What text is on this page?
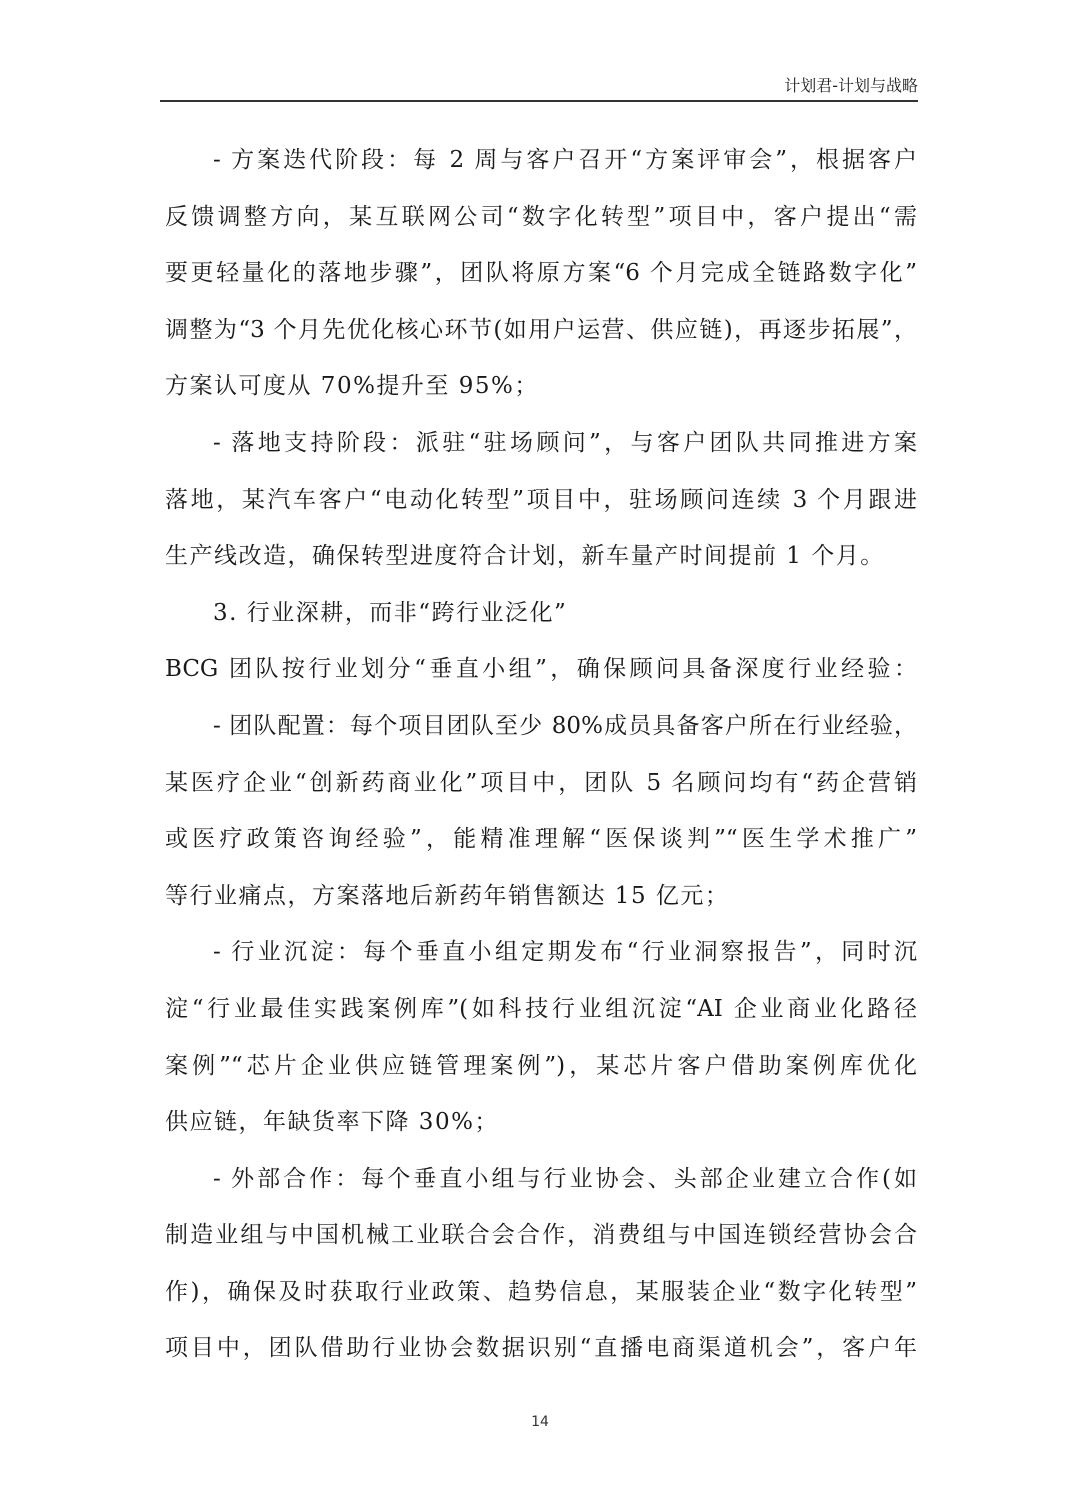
计划君-计划与战略
- 方案迭代阶段：每 2 周与客户召开“方案评审会”，根据客户
反馈调整方向，某互联网公司“数字化转型”项目中，客户提出“需
要更轻量化的落地步骤”，团队将原方案“6 个月完成全链路数字化”
调整为“3 个月先优化核心环节(如用户运营、供应链)，再逐步拓展”，
方案认可度从 70%提升至 95%；
- 落地支持阶段：派驻“驻场顾问”，与客户团队共同推进方案
落地，某汽车客户“电动化转型”项目中，驻场顾问连续 3 个月跟进
生产线改造，确保转型进度符合计划，新车量产时间提前 1 个月。
3. 行业深耕，而非“跨行业泛化”
BCG 团队按行业划分“垂直小组”，确保顾问具备深度行业经验：
- 团队配置：每个项目团队至少 80%成员具备客户所在行业经验，
某医疗企业“创新药商业化”项目中，团队 5 名顾问均有“药企营销
或医疗政策咨询经验”，能精准理解“医保谈判”“医生学术推广”
等行业痛点，方案落地后新药年销售额达 15 亿元；
- 行业沉淀：每个垂直小组定期发布“行业洞察报告”，同时沉
淀“行业最佳实践案例库”(如科技行业组沉淀“AI 企业商业化路径
案例”“芯片企业供应链管理案例”)，某芯片客户借助案例库优化
供应链，年缺货率下降 30%；
- 外部合作：每个垂直小组与行业协会、头部企业建立合作(如
制造业组与中国机械工业联合会合作，消费组与中国连锁经营协会合
作)，确保及时获取行业政策、趋势信息，某服装企业“数字化转型”
项目中，团队借助行业协会数据识别“直播电商渠道机会”，客户年
14
